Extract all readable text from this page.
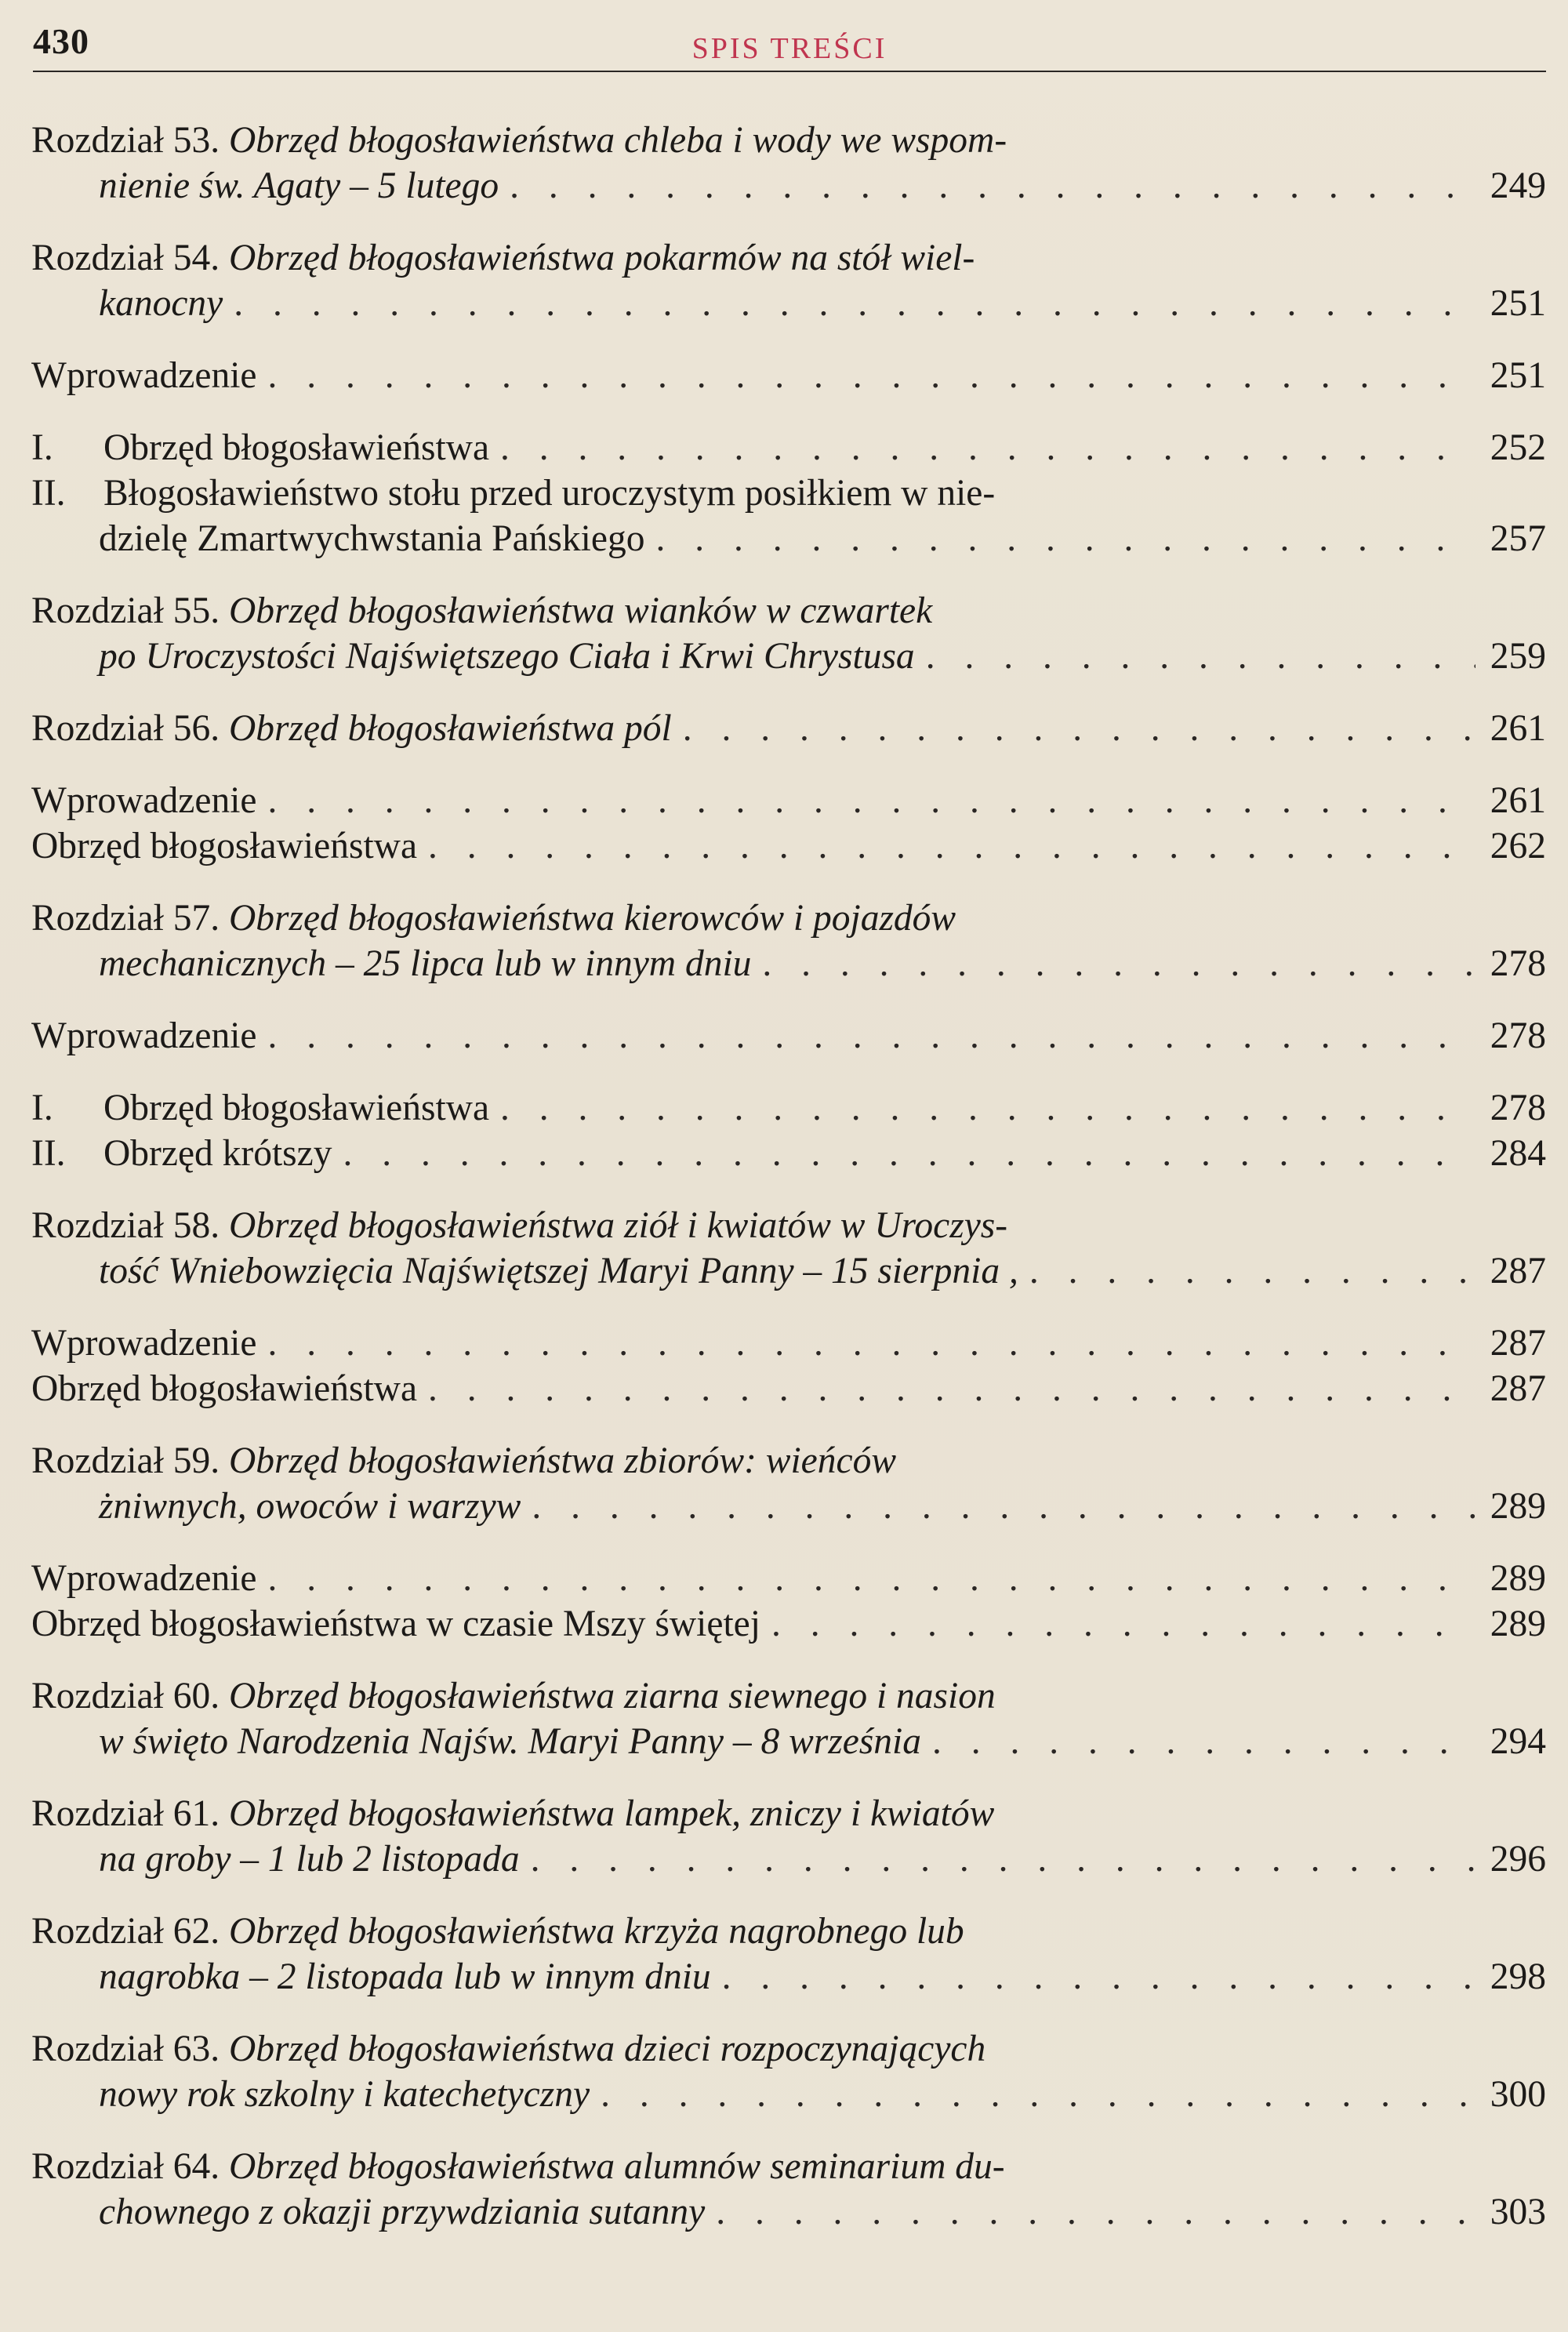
430	SPIS TREŚCI
Rozdział 53. Obrzęd błogosławieństwa chleba i wody we wspom-
nienie św. Agaty – 5 lutego . . .	249
Rozdział 54. Obrzęd błogosławieństwa pokarmów na stół wiel-
kanocny . . .	251
Wprowadzenie . . .	251
I. Obrzęd błogosławieństwa . . .	252
II. Błogosławieństwo stołu przed uroczystym posiłkiem w nie-
dzielę Zmartwychwstania Pańskiego . . .	257
Rozdział 55. Obrzęd błogosławieństwa wianków w czwartek
po Uroczystości Najświętszego Ciała i Krwi Chrystusa . . .	259
Rozdział 56. Obrzęd błogosławieństwa pól . . .	261
Wprowadzenie . . .	261
Obrzęd błogosławieństwa . . .	262
Rozdział 57. Obrzęd błogosławieństwa kierowców i pojazdów
mechanicznych – 25 lipca lub w innym dniu . . .	278
Wprowadzenie . . .	278
I. Obrzęd błogosławieństwa . . .	278
II. Obrzęd krótszy . . .	284
Rozdział 58. Obrzęd błogosławieństwa ziół i kwiatów w Uroczys-
tość Wniebowzięcia Najświętszej Maryi Panny – 15 sierpnia , . . .	287
Wprowadzenie . . .	287
Obrzęd błogosławieństwa . . .	287
Rozdział 59. Obrzęd błogosławieństwa zbiorów: wieńców
żniwnych, owoców i warzyw . . .	289
Wprowadzenie . . .	289
Obrzęd błogosławieństwa w czasie Mszy świętej . . .	289
Rozdział 60. Obrzęd błogosławieństwa ziarna siewnego i nasion
w święto Narodzenia Najśw. Maryi Panny – 8 września . . .	294
Rozdział 61. Obrzęd błogosławieństwa lampek, zniczy i kwiatów
na groby – 1 lub 2 listopada . . .	296
Rozdział 62. Obrzęd błogosławieństwa krzyża nagrobnego lub
nagrobka – 2 listopada lub w innym dniu . . .	298
Rozdział 63. Obrzęd błogosławieństwa dzieci rozpoczynających
nowy rok szkolny i katechetyczny . . .	300
Rozdział 64. Obrzęd błogosławieństwa alumnów seminarium du-
chownego z okazji przywdziania sutanny . . .	303
